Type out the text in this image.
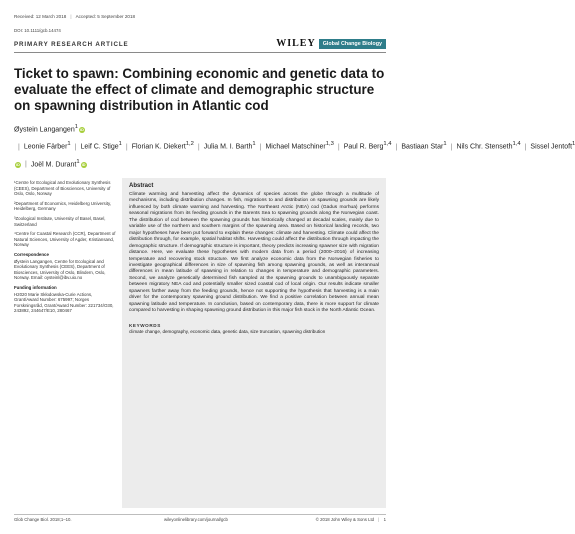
Received: 12 March 2018 | Accepted: 5 September 2018
DOI: 10.1111/gcb.14474
PRIMARY RESEARCH ARTICLE	WILEY	Global Change Biology
Ticket to spawn: Combining economic and genetic data to evaluate the effect of climate and demographic structure on spawning distribution in Atlantic cod
Øystein Langangen$^1$iD| Leonie Färber$^1$ | Leif C. Stige$^1$ | Florian K. Diekert$^{1,2}$ | Julia M. I. Barth$^1$ | Michael Matschiner$^{1,3}$ | Paul R. Berg$^{1,4}$ | Bastiaan Star$^1$ | Nils Chr. Stenseth$^{1,4}$ | Sissel Jentoft$^1$iD | Joël M. Durant$^1$iD

¹Centre for Ecological and Evolutionary Synthesis (CEES), Department of Biosciences, University of Oslo, Oslo, Norway

²Department of Economics, Heidelberg University, Heidelberg, Germany

³Zoological Institute, University of Basel, Basel, Switzerland

⁴Centre for Coastal Research (CCR), Department of Natural Sciences, University of Agder, Kristiansand, Norway

Correspondence
Øystein Langangen, Centre for Ecological and Evolutionary Synthesis (CEES), Department of Biosciences, University of Oslo, Blindern, Oslo, Norway. Email: oysteinl@ibv.uio.no

Funding information
H2020 Marie Skłodowska-Curie Actions, Grant/Award Number: 675997; Norges Forskningsråd, Grant/Award Number: 221734/O30, 243892, 244647/E10, 280467

Abstract
Climate warming and harvesting affect the dynamics of species across the globe through a multitude of mechanisms, including distribution changes. In fish, migrations to and distribution on spawning grounds are likely influenced by both climate warming and harvesting. The Northeast Arctic (NEA) cod (Gadus morhua) performs seasonal migrations from its feeding grounds in the Barents Sea to spawning grounds along the Norwegian coast. The distribution of cod between the spawning grounds has historically changed at decadal scales, mainly due to variable use of the northern and southern margins of the spawning area. Based on historical landing records, two major hypotheses have been put forward to explain these changes: climate and harvesting. Climate could affect the distribution through, for example, spatial habitat shifts. Harvesting could affect the distribution through impacting the demographic structure. If demographic structure is important, theory predicts increasing spawner size with migration distance. Here, we evaluate these hypotheses with modern data from a period (2000–2016) of increasing temperature and recovering stock structure. We first analyze economic data from the Norwegian fisheries to investigate geographical differences in size of spawning fish among spawning grounds, as well as interannual differences in mean latitude of spawning in relation to changes in temperature and demographic parameters. Second, we analyze genetically determined fish sampled at the spawning grounds to unambiguously separate between migratory NEA cod and potentially smaller sized coastal cod of local origin. Our results indicate smaller spawners farther away from the feeding grounds, hence not supporting the hypothesis that harvesting is a main driver for the contemporary spawning ground distribution. We find a positive correlation between annual mean spawning latitude and temperature. In conclusion, based on contemporary data, there is more support for climate compared to harvesting in shaping spawning ground distribution in this major fish stock in the North Atlantic Ocean.
KEYWORDS
climate change, demography, economic data, genetic data, size truncation, spawning distribution
Glob Change Biol. 2018;1–10.	wileyonlinelibrary.com/journal/gcb	© 2018 John Wiley & Sons Ltd | 1
